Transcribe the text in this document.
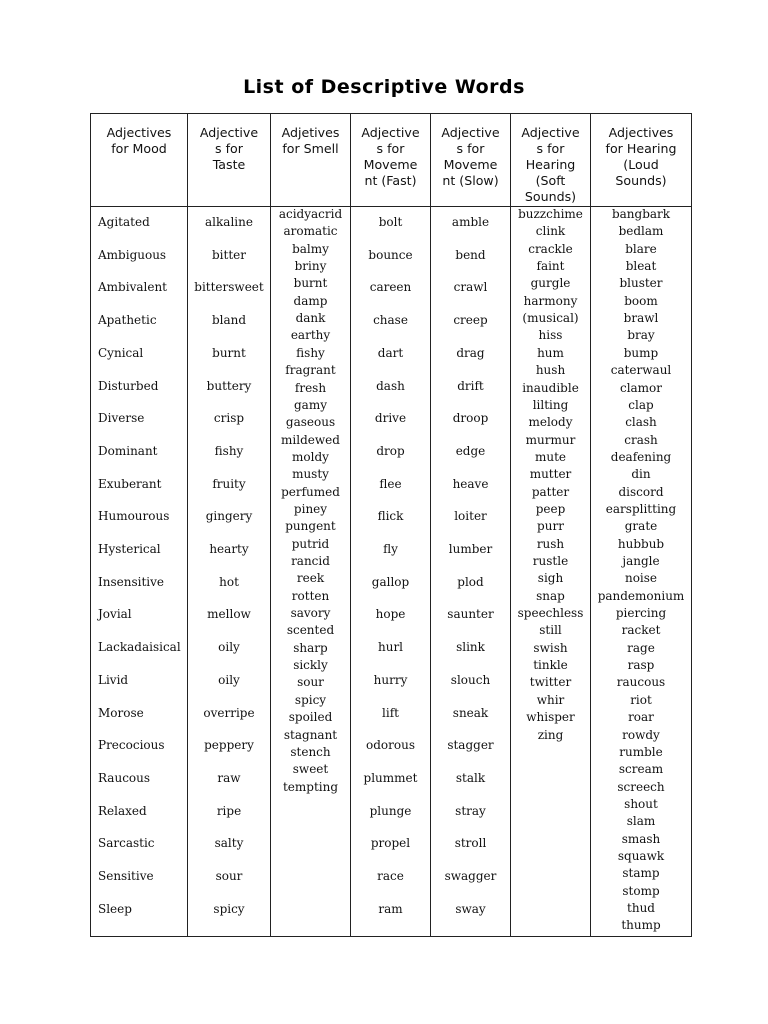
List of Descriptive Words
Adjectives
for Mood
Agitated
Ambiguous
Ambivalent
Apathetic
Cynical
Disturbed
Diverse
Dominant
Exuberant
Humourous
Hysterical
Insensitive
Jovial
Lackadaisical
Livid
Morose
Precocious
Raucous
Relaxed
Sarcastic
Sensitive
Sleep
Adjective
s for
Taste
alkaline
bitter
bittersweet
bland
burnt
buttery
crisp
fishy
fruity
gingery
hearty
hot
mellow
oily
oily
overripe
peppery
raw
ripe
salty
sour
spicy
Adjetives
for Smell
acidyacrid
aromatic
balmy
briny
burnt
damp
dank
earthy
fishy
fragrant
fresh
gamy
gaseous
mildewed
moldy
musty
perfumed
piney
pungent
putrid
rancid
reek
rotten
savory
scented
sharp
sickly
sour
spicy
spoiled
stagnant
stench
sweet
tempting
Adjective
s for
Moveme
nt (Fast)
bolt
bounce
careen
chase
dart
dash
drive
drop
flee
flick
fly
gallop
hope
hurl
hurry
lift
odorous
plummet
plunge
propel
race
ram
Adjective
s for
Moveme
nt (Slow)
amble
bend
crawl
creep
drag
drift
droop
edge
heave
loiter
lumber
plod
saunter
slink
slouch
sneak
stagger
stalk
stray
stroll
swagger
sway
Adjective
s for
Hearing
(Soft
Sounds)
buzzchime
clink
crackle
faint
gurgle
harmony
(musical)
hiss
hum
hush
inaudible
lilting
melody
murmur
mute
mutter
patter
peep
purr
rush
rustle
sigh
snap
speechless
still
swish
tinkle
twitter
whir
whisper
zing
Adjectives
for Hearing
(Loud
Sounds)
bangbark
bedlam
blare
bleat
bluster
boom
brawl
bray
bump
caterwaul
clamor
clap
clash
crash
deafening
din
discord
earsplitting
grate
hubbub
jangle
noise
pandemonium
piercing
racket
rage
rasp
raucous
riot
roar
rowdy
rumble
scream
screech
shout
slam
smash
squawk
stamp
stomp
thud
thump
